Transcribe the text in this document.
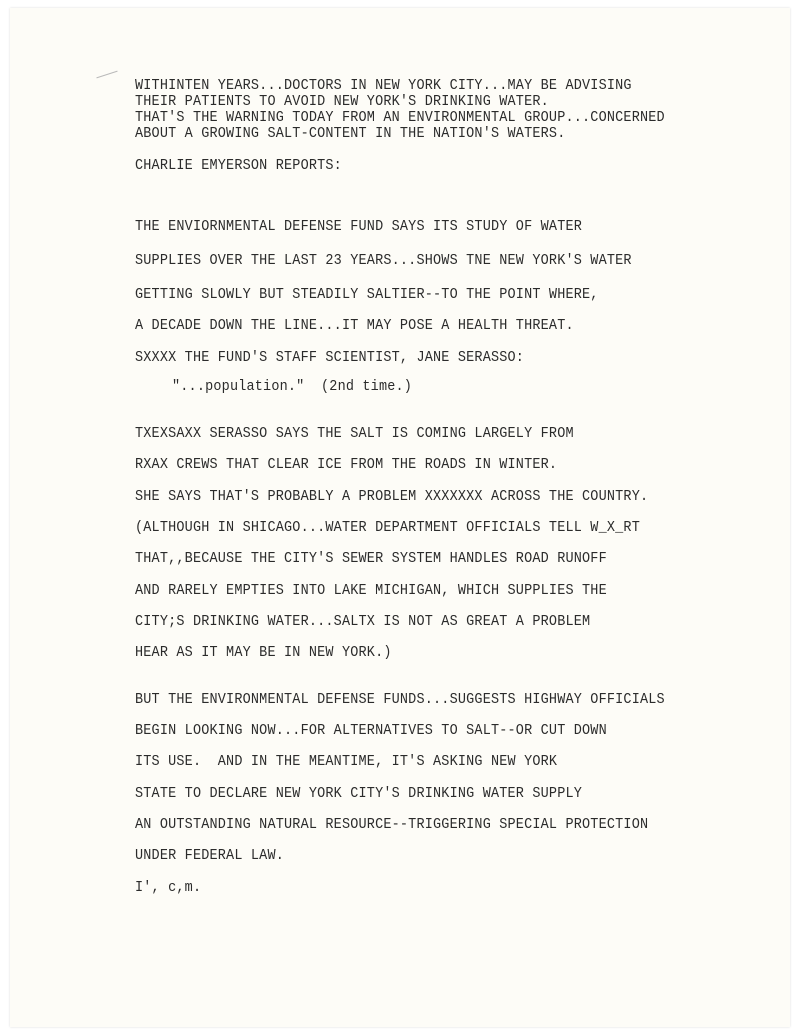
WITHINTEN YEARS...DOCTORS IN NEW YORK CITY...MAY BE ADVISING
THEIR PATIENTS TO AVOID NEW YORK'S DRINKING WATER.
THAT'S THE WARNING TODAY FROM AN ENVIRONMENTAL GROUP...CONCERNED
ABOUT A GROWING SALT-CONTENT IN THE NATION'S WATERS.
CHARLIE EMYERSON REPORTS:
THE ENVIORNMENTAL DEFENSE FUND SAYS ITS STUDY OF WATER
SUPPLIES OVER THE LAST 23 YEARS...SHOWS TNE NEW YORK'S WATER
GETTING SLOWLY BUT STEADILY SALTIER--TO THE POINT WHERE,
A DECADE DOWN THE LINE...IT MAY POSE A HEALTH THREAT.
SXXXX THE FUND'S STAFF SCIENTIST, JANE SERASSO:
"...population."  (2nd time.)
TXEXSAXX SERASSO SAYS THE SALT IS COMING LARGELY FROM
RXAX CREWS THAT CLEAR ICE FROM THE ROADS IN WINTER.
SHE SAYS THAT'S PROBABLY A PROBLEM XXXXXXX ACROSS THE COUNTRY.
(ALTHOUGH IN SHICAGO...WATER DEPARTMENT OFFICIALS TELL W_X_RT
THAT,,BECAUSE THE CITY'S SEWER SYSTEM HANDLES ROAD RUNOFF
AND RARELY EMPTIES INTO LAKE MICHIGAN, WHICH SUPPLIES THE
CITY;S DRINKING WATER...SALTX IS NOT AS GREAT A PROBLEM
HEAR AS IT MAY BE IN NEW YORK.)
BUT THE ENVIRONMENTAL DEFENSE FUNDS...SUGGESTS HIGHWAY OFFICIALS
BEGIN LOOKING NOW...FOR ALTERNATIVES TO SALT--OR CUT DOWN
ITS USE.  AND IN THE MEANTIME, IT'S ASKING NEW YORK
STATE TO DECLARE NEW YORK CITY'S DRINKING WATER SUPPLY
AN OUTSTANDING NATURAL RESOURCE--TRIGGERING SPECIAL PROTECTION
UNDER FEDERAL LAW.
I', c,m.
